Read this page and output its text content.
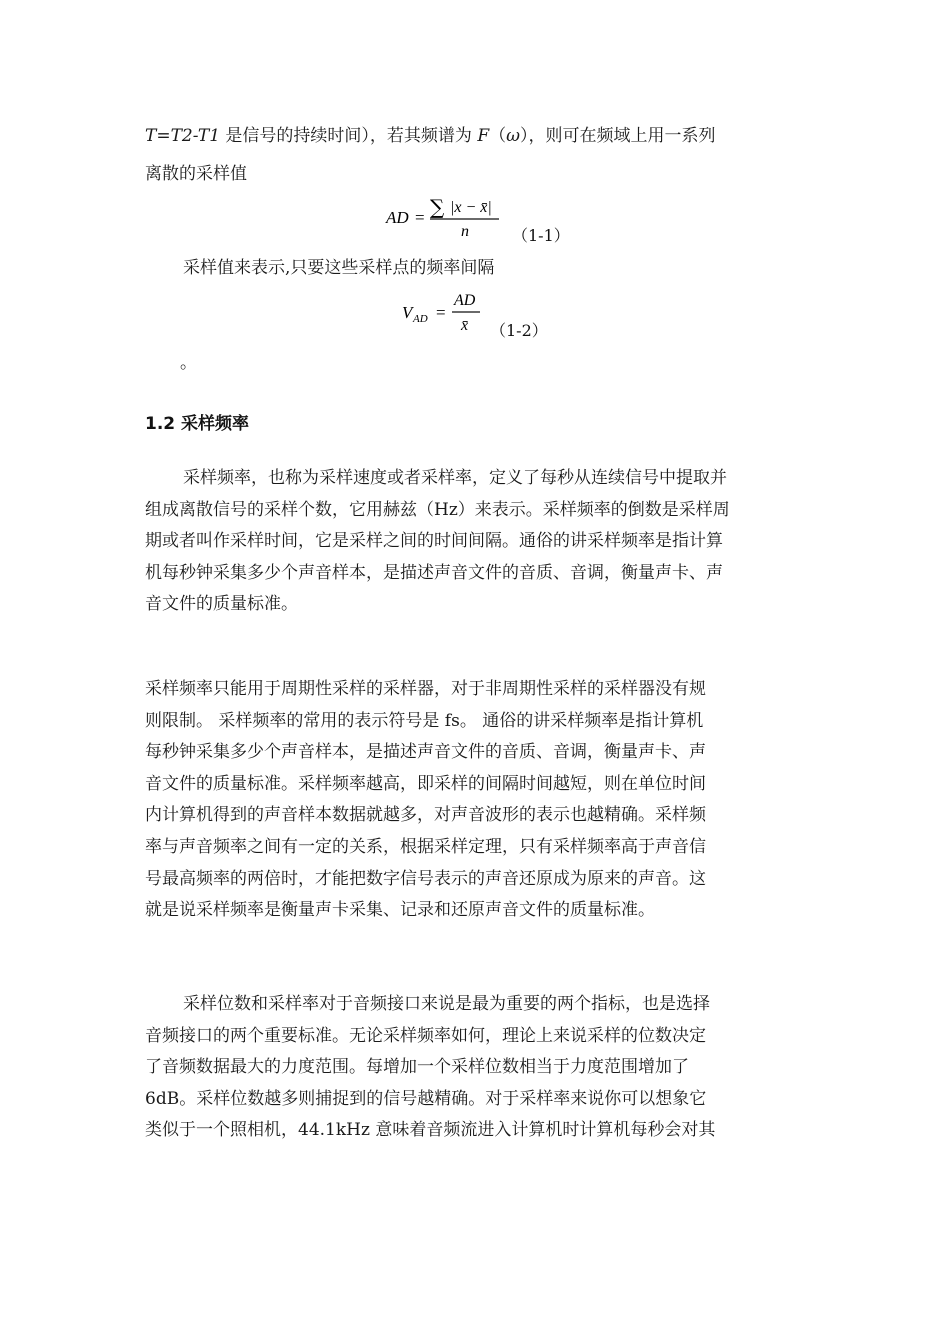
T=T2-T1 是信号的持续时间），若其频谱为 F（ω），则可在频域上用一系列
离散的采样值
AD = ∑ |x − x̄|
n	（1-1）
采样值来表示,只要这些采样点的频率间隔
V AD =
AD
x̄ （1-2）
。
1.2 采样频率
采样频率，也称为采样速度或者采样率，定义了每秒从连续信号中提取并
组成离散信号的采样个数，它用赫兹（Hz）来表示。采样频率的倒数是采样周
期或者叫作采样时间，它是采样之间的时间间隔。通俗的讲采样频率是指计算
机每秒钟采集多少个声音样本，是描述声音文件的音质、音调，衡量声卡、声
音文件的质量标准。
采样频率只能用于周期性采样的采样器，对于非周期性采样的采样器没有规
则限制。 采样频率的常用的表示符号是 fs。 通俗的讲采样频率是指计算机
每秒钟采集多少个声音样本，是描述声音文件的音质、音调，衡量声卡、声
音文件的质量标准。采样频率越高，即采样的间隔时间越短，则在单位时间
内计算机得到的声音样本数据就越多，对声音波形的表示也越精确。采样频
率与声音频率之间有一定的关系，根据采样定理，只有采样频率高于声音信
号最高频率的两倍时，才能把数字信号表示的声音还原成为原来的声音。这
就是说采样频率是衡量声卡采集、记录和还原声音文件的质量标准。
采样位数和采样率对于音频接口来说是最为重要的两个指标，也是选择
音频接口的两个重要标准。无论采样频率如何，理论上来说采样的位数决定
了音频数据最大的力度范围。每增加一个采样位数相当于力度范围增加了
6dB。采样位数越多则捕捉到的信号越精确。对于采样率来说你可以想象它
类似于一个照相机，44.1kHz 意味着音频流进入计算机时计算机每秒会对其
